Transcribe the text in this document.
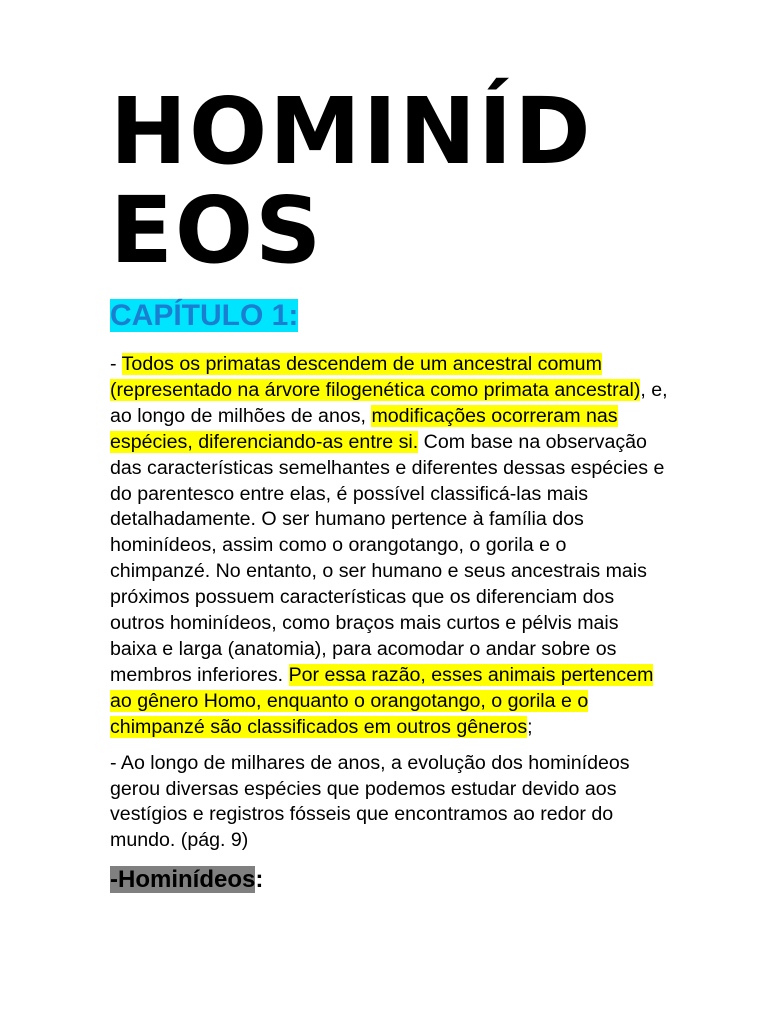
HOMINÍDEOS
CAPÍTULO 1:

- Todos os primatas descendem de um ancestral comum (representado na árvore filogenética como primata ancestral), e, ao longo de milhões de anos, modificações ocorreram nas espécies, diferenciando-as entre si. Com base na observação das características semelhantes e diferentes dessas espécies e do parentesco entre elas, é possível classificá-las mais detalhadamente. O ser humano pertence à família dos hominídeos, assim como o orangotango, o gorila e o chimpanzé. No entanto, o ser humano e seus ancestrais mais próximos possuem características que os diferenciam dos outros hominídeos, como braços mais curtos e pélvis mais baixa e larga (anatomia), para acomodar o andar sobre os membros inferiores. Por essa razão, esses animais pertencem ao gênero Homo, enquanto o orangotango, o gorila e o chimpanzé são classificados em outros gêneros;

- Ao longo de milhares de anos, a evolução dos hominídeos gerou diversas espécies que podemos estudar devido aos vestígios e registros fósseis que encontramos ao redor do mundo. (pág. 9)

-Hominídeos:
